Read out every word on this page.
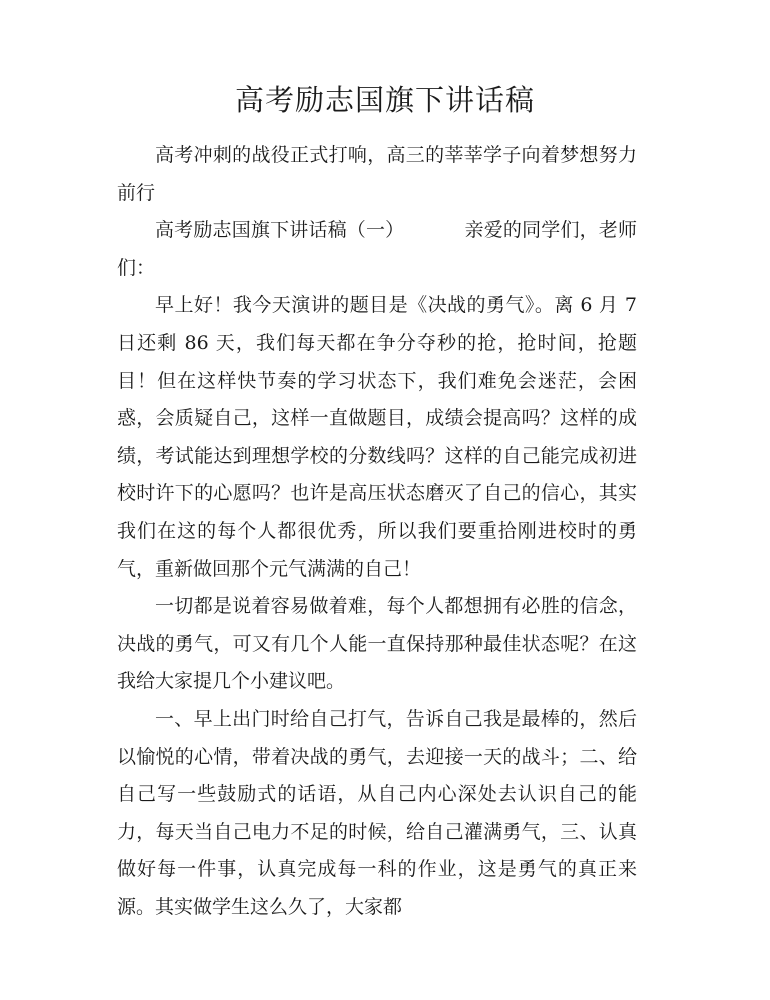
高考励志国旗下讲话稿

高考冲刺的战役正式打响，高三的莘莘学子向着梦想努力前行

高考励志国旗下讲话稿（一）	亲爱的同学们，老师们：

早上好！我今天演讲的题目是《决战的勇气》。离 6 月 7 日还剩 86 天，我们每天都在争分夺秒的抢，抢时间，抢题目！但在这样快节奏的学习状态下，我们难免会迷茫，会困惑，会质疑自己，这样一直做题目，成绩会提高吗？这样的成绩，考试能达到理想学校的分数线吗？这样的自己能完成初进校时许下的心愿吗？也许是高压状态磨灭了自己的信心，其实我们在这的每个人都很优秀，所以我们要重拾刚进校时的勇气，重新做回那个元气满满的自己！

一切都是说着容易做着难，每个人都想拥有必胜的信念，决战的勇气，可又有几个人能一直保持那种最佳状态呢？在这我给大家提几个小建议吧。

一、早上出门时给自己打气，告诉自己我是最棒的，然后以愉悦的心情，带着决战的勇气，去迎接一天的战斗；二、给自己写一些鼓励式的话语，从自己内心深处去认识自己的能力，每天当自己电力不足的时候，给自己灌满勇气，三、认真做好每一件事，认真完成每一科的作业，这是勇气的真正来源。其实做学生这么久了，大家都
